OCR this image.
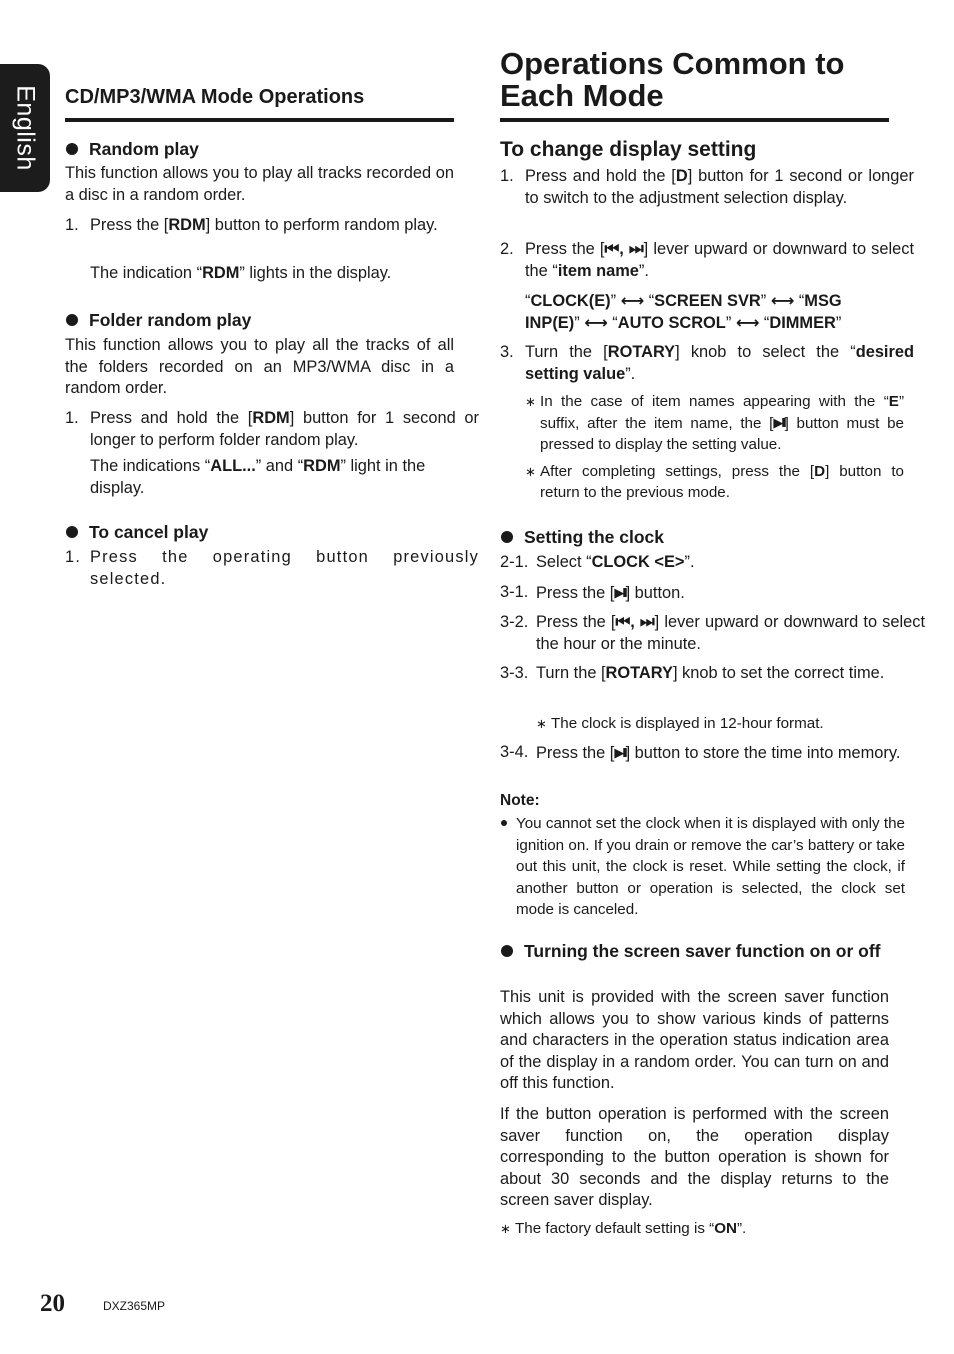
English CD/MP3/WMA Mode Operations
Random play
This function allows you to play all tracks recorded on a disc in a random order.
1. Press the [RDM] button to perform random play.
The indication “RDM” lights in the display.
Folder random play
This function allows you to play all the tracks of all the folders recorded on an MP3/WMA disc in a random order.
1. Press and hold the [RDM] button for 1 second or longer to perform folder random play.
The indications “ALL...” and “RDM” light in the display.
To cancel play
1. Press the operating button previously selected.
Operations Common to
Each Mode
To change display setting
1. Press and hold the [D] button for 1 second or longer to switch to the adjustment selection display.
2. Press the [⏮, ⏭] lever upward or downward to select the “item name”.
“CLOCK(E)” ⟷ “SCREEN SVR” ⟷ “MSG
INP(E)” ⟷ “AUTO SCROL” ⟷ “DIMMER”
3. Turn the [ROTARY] knob to select the “desired setting value”.
∗ In the case of item names appearing with the “E” suffix, after the item name, the [▶II] button must be pressed to display the setting value.
∗ After completing settings, press the [D] button to return to the previous mode.
Setting the clock
2-1. Select “CLOCK <E>”.
3-1. Press the [▶II] button.
3-2. Press the [⏮, ⏭] lever upward or downward to select the hour or the minute.
3-3. Turn the [ROTARY] knob to set the correct time.
∗ The clock is displayed in 12-hour format.
3-4. Press the [▶II] button to store the time into memory.
Note:
You cannot set the clock when it is displayed with only the ignition on. If you drain or remove the car’s battery or take out this unit, the clock is reset. While setting the clock, if another button or operation is selected, the clock set mode is canceled.
Turning the screen saver function on or off
This unit is provided with the screen saver function which allows you to show various kinds of patterns and characters in the operation status indication area of the display in a random order. You can turn on and off this function.
If the button operation is performed with the screen saver function on, the operation display corresponding to the button operation is shown for about 30 seconds and the display returns to the screen saver display.
∗ The factory default setting is “ON”.
20	DXZ365MP
